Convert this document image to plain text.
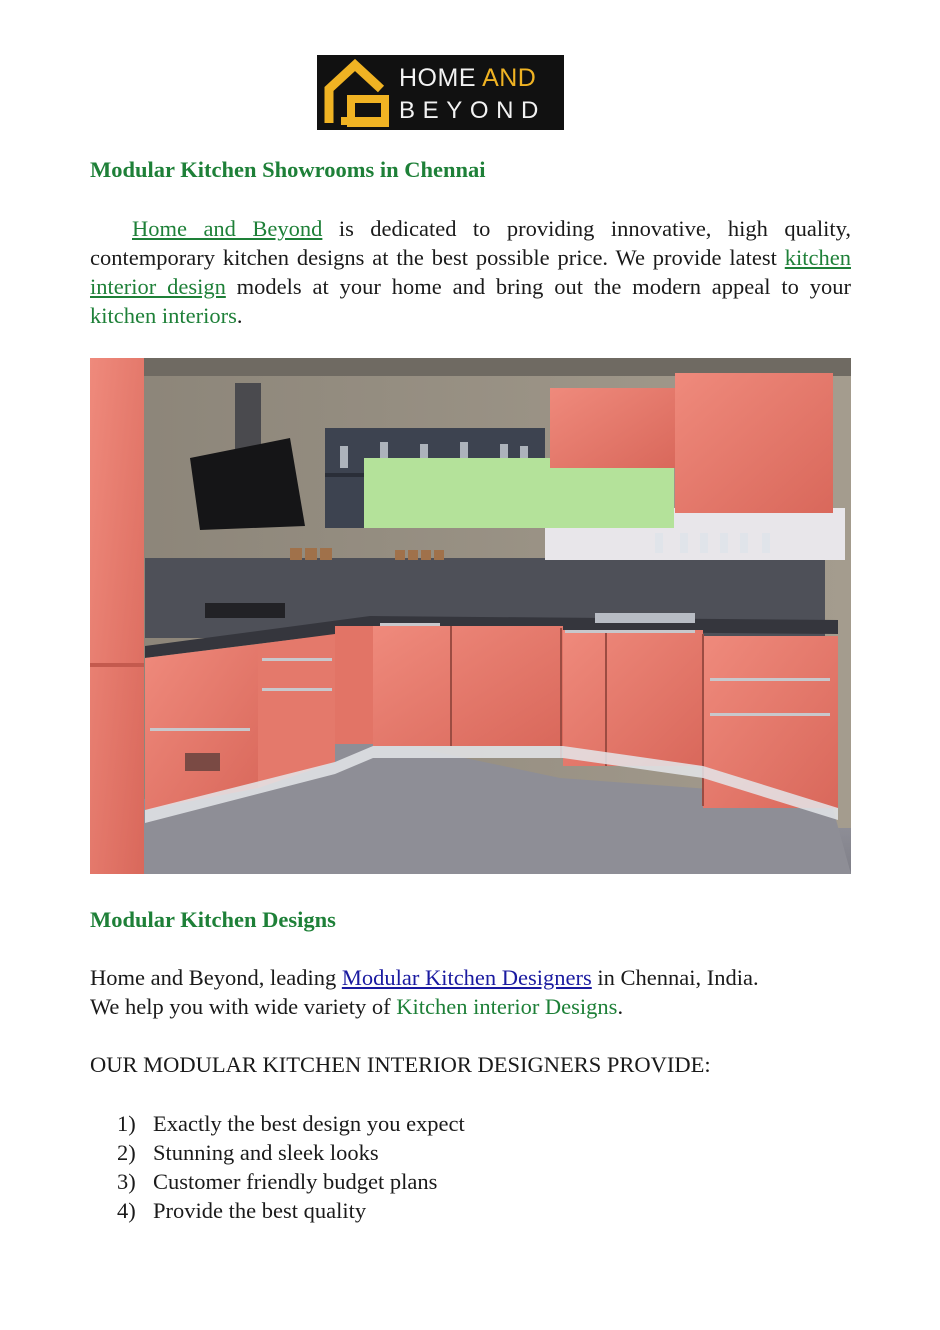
HOME AND
BEYOND
Modular Kitchen Showrooms in Chennai

Home and Beyond is dedicated to providing innovative, high quality, contemporary kitchen designs at the best possible price. We provide latest kitchen interior design models at your home and bring out the modern appeal to your kitchen interiors.

Modular Kitchen Designs
Home and Beyond, leading Modular Kitchen Designers in Chennai, India.
We help you with wide variety of Kitchen interior Designs.
OUR MODULAR KITCHEN INTERIOR DESIGNERS PROVIDE:
1) Exactly the best design you expect
2) Stunning and sleek looks
3) Customer friendly budget plans
4) Provide the best quality
